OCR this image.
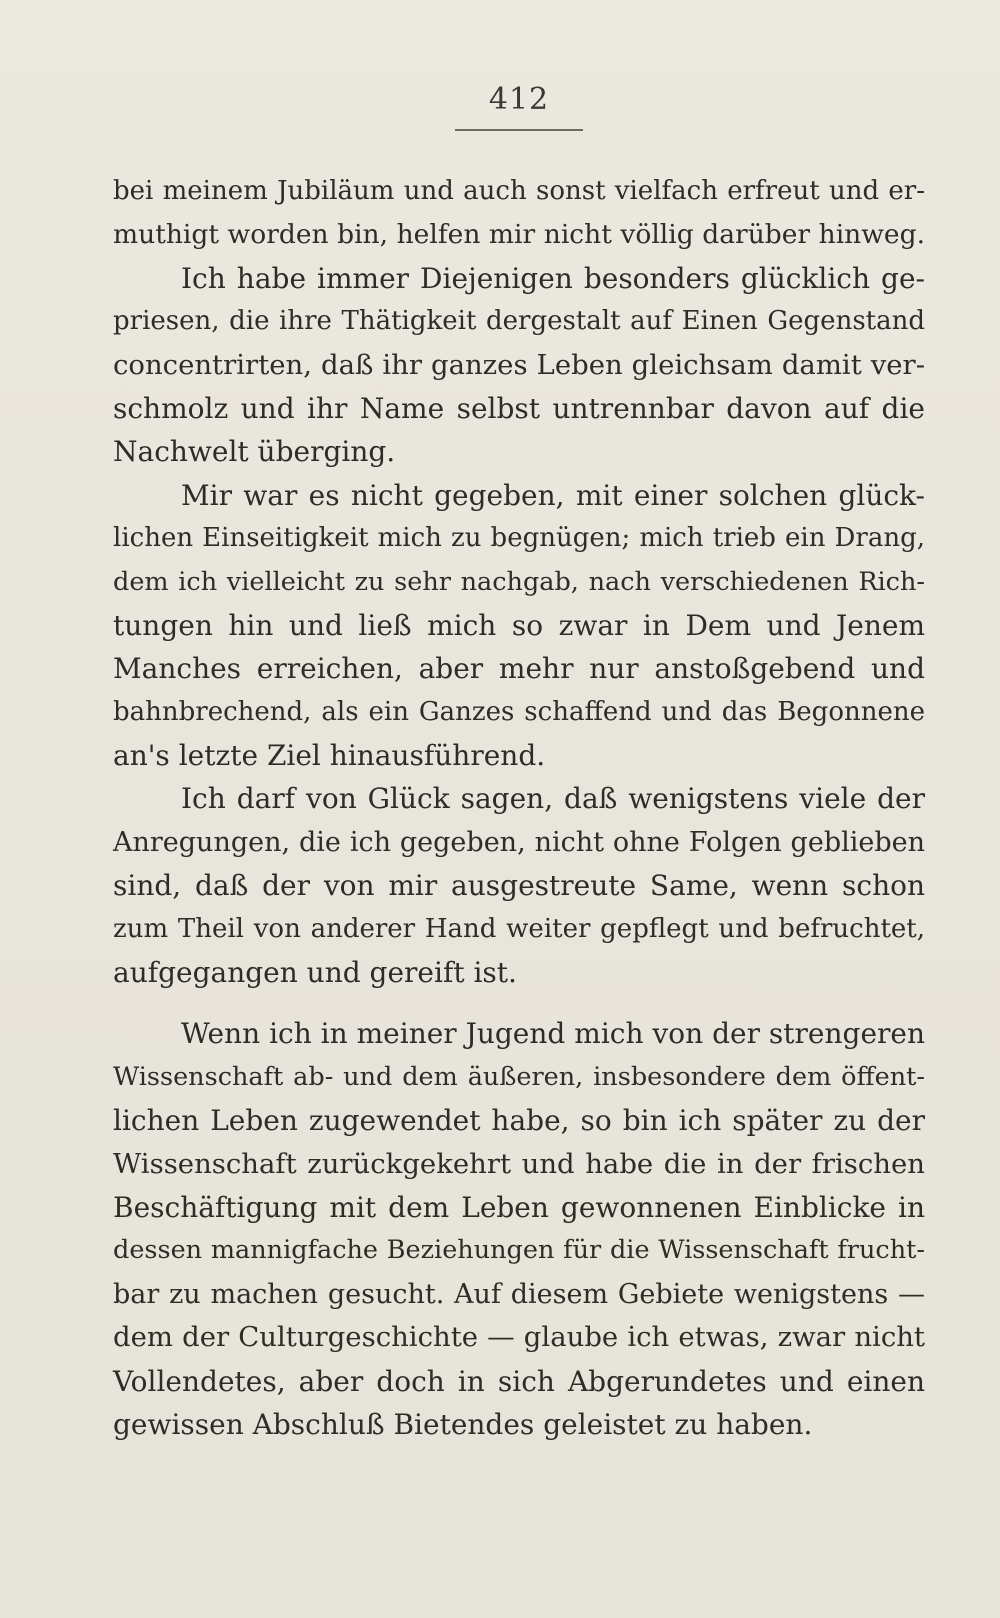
412
bei meinem Jubiläum und auch sonst vielfach erfreut und er-
muthigt worden bin, helfen mir nicht völlig darüber hinweg.
Ich habe immer Diejenigen besonders glücklich ge-
priesen, die ihre Thätigkeit dergestalt auf Einen Gegenstand
concentrirten, daß ihr ganzes Leben gleichsam damit ver-
schmolz und ihr Name selbst untrennbar davon auf die
Nachwelt überging.
Mir war es nicht gegeben, mit einer solchen glück-
lichen Einseitigkeit mich zu begnügen; mich trieb ein Drang,
dem ich vielleicht zu sehr nachgab, nach verschiedenen Rich-
tungen hin und ließ mich so zwar in Dem und Jenem
Manches erreichen, aber mehr nur anstoßgebend und
bahnbrechend, als ein Ganzes schaffend und das Begonnene
an's letzte Ziel hinausführend.
Ich darf von Glück sagen, daß wenigstens viele der
Anregungen, die ich gegeben, nicht ohne Folgen geblieben
sind, daß der von mir ausgestreute Same, wenn schon
zum Theil von anderer Hand weiter gepflegt und befruchtet,
aufgegangen und gereift ist.
Wenn ich in meiner Jugend mich von der strengeren
Wissenschaft ab- und dem äußeren, insbesondere dem öffent-
lichen Leben zugewendet habe, so bin ich später zu der
Wissenschaft zurückgekehrt und habe die in der frischen
Beschäftigung mit dem Leben gewonnenen Einblicke in
dessen mannigfache Beziehungen für die Wissenschaft frucht-
bar zu machen gesucht. Auf diesem Gebiete wenigstens —
dem der Culturgeschichte — glaube ich etwas, zwar nicht
Vollendetes, aber doch in sich Abgerundetes und einen
gewissen Abschluß Bietendes geleistet zu haben.
